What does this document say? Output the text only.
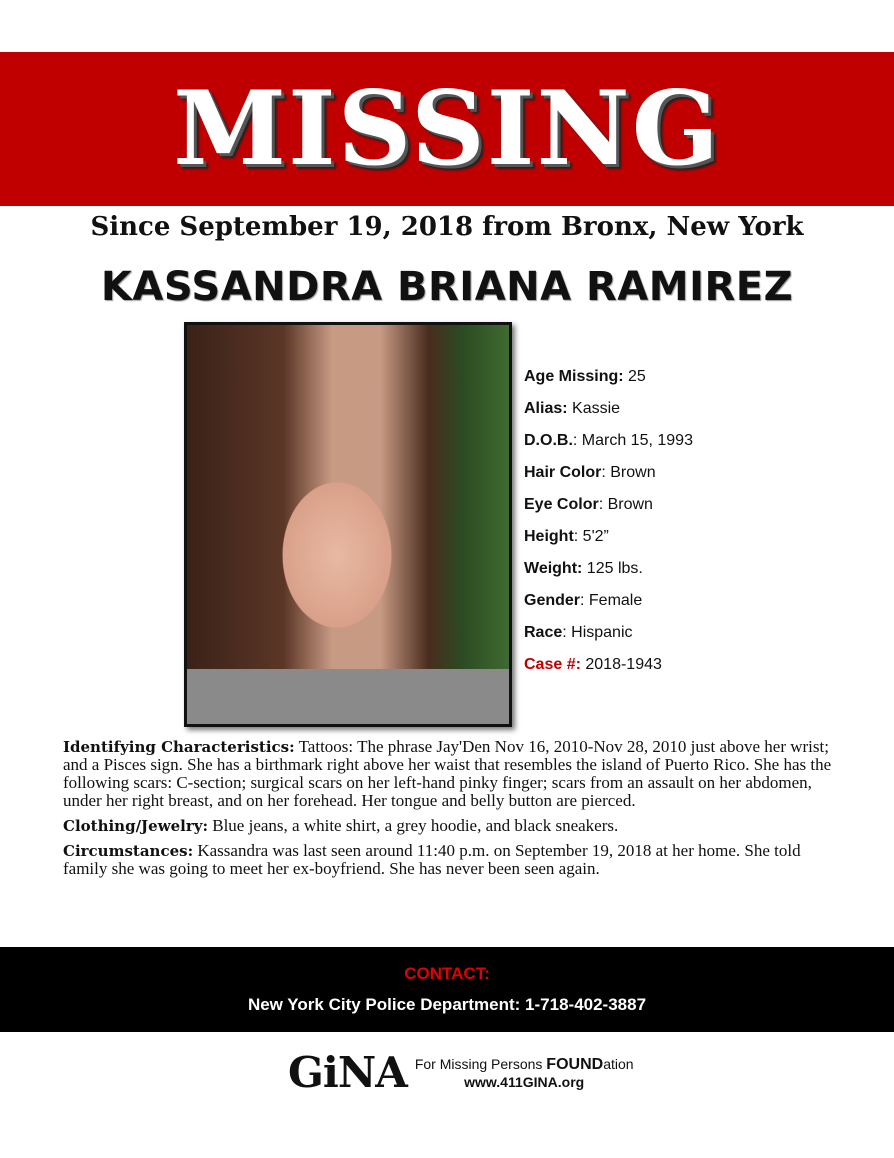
MISSING
Since September 19, 2018 from Bronx, New York
KASSANDRA BRIANA RAMIREZ
Age Missing: 25
Alias: Kassie
D.O.B.: March 15, 1993
Hair Color: Brown
Eye Color: Brown
Height: 5'2”
Weight: 125 lbs.
Gender: Female
Race: Hispanic
Case #: 2018-1943

Identifying Characteristics: Tattoos: The phrase Jay'Den Nov 16, 2010-Nov 28, 2010 just above her wrist; and a Pisces sign. She has a birthmark right above her waist that resembles the island of Puerto Rico. She has the following scars: C-section; surgical scars on her left-hand pinky finger; scars from an assault on her abdomen, under her right breast, and on her forehead. Her tongue and belly button are pierced.

Clothing/Jewelry: Blue jeans, a white shirt, a grey hoodie, and black sneakers.

Circumstances: Kassandra was last seen around 11:40 p.m. on September 19, 2018 at her home. She told family she was going to meet her ex-boyfriend. She has never been seen again.

CONTACT:
New York City Police Department: 1-718-402-3887
GiNA For Missing Persons FOUNDation
www.411GINA.org
